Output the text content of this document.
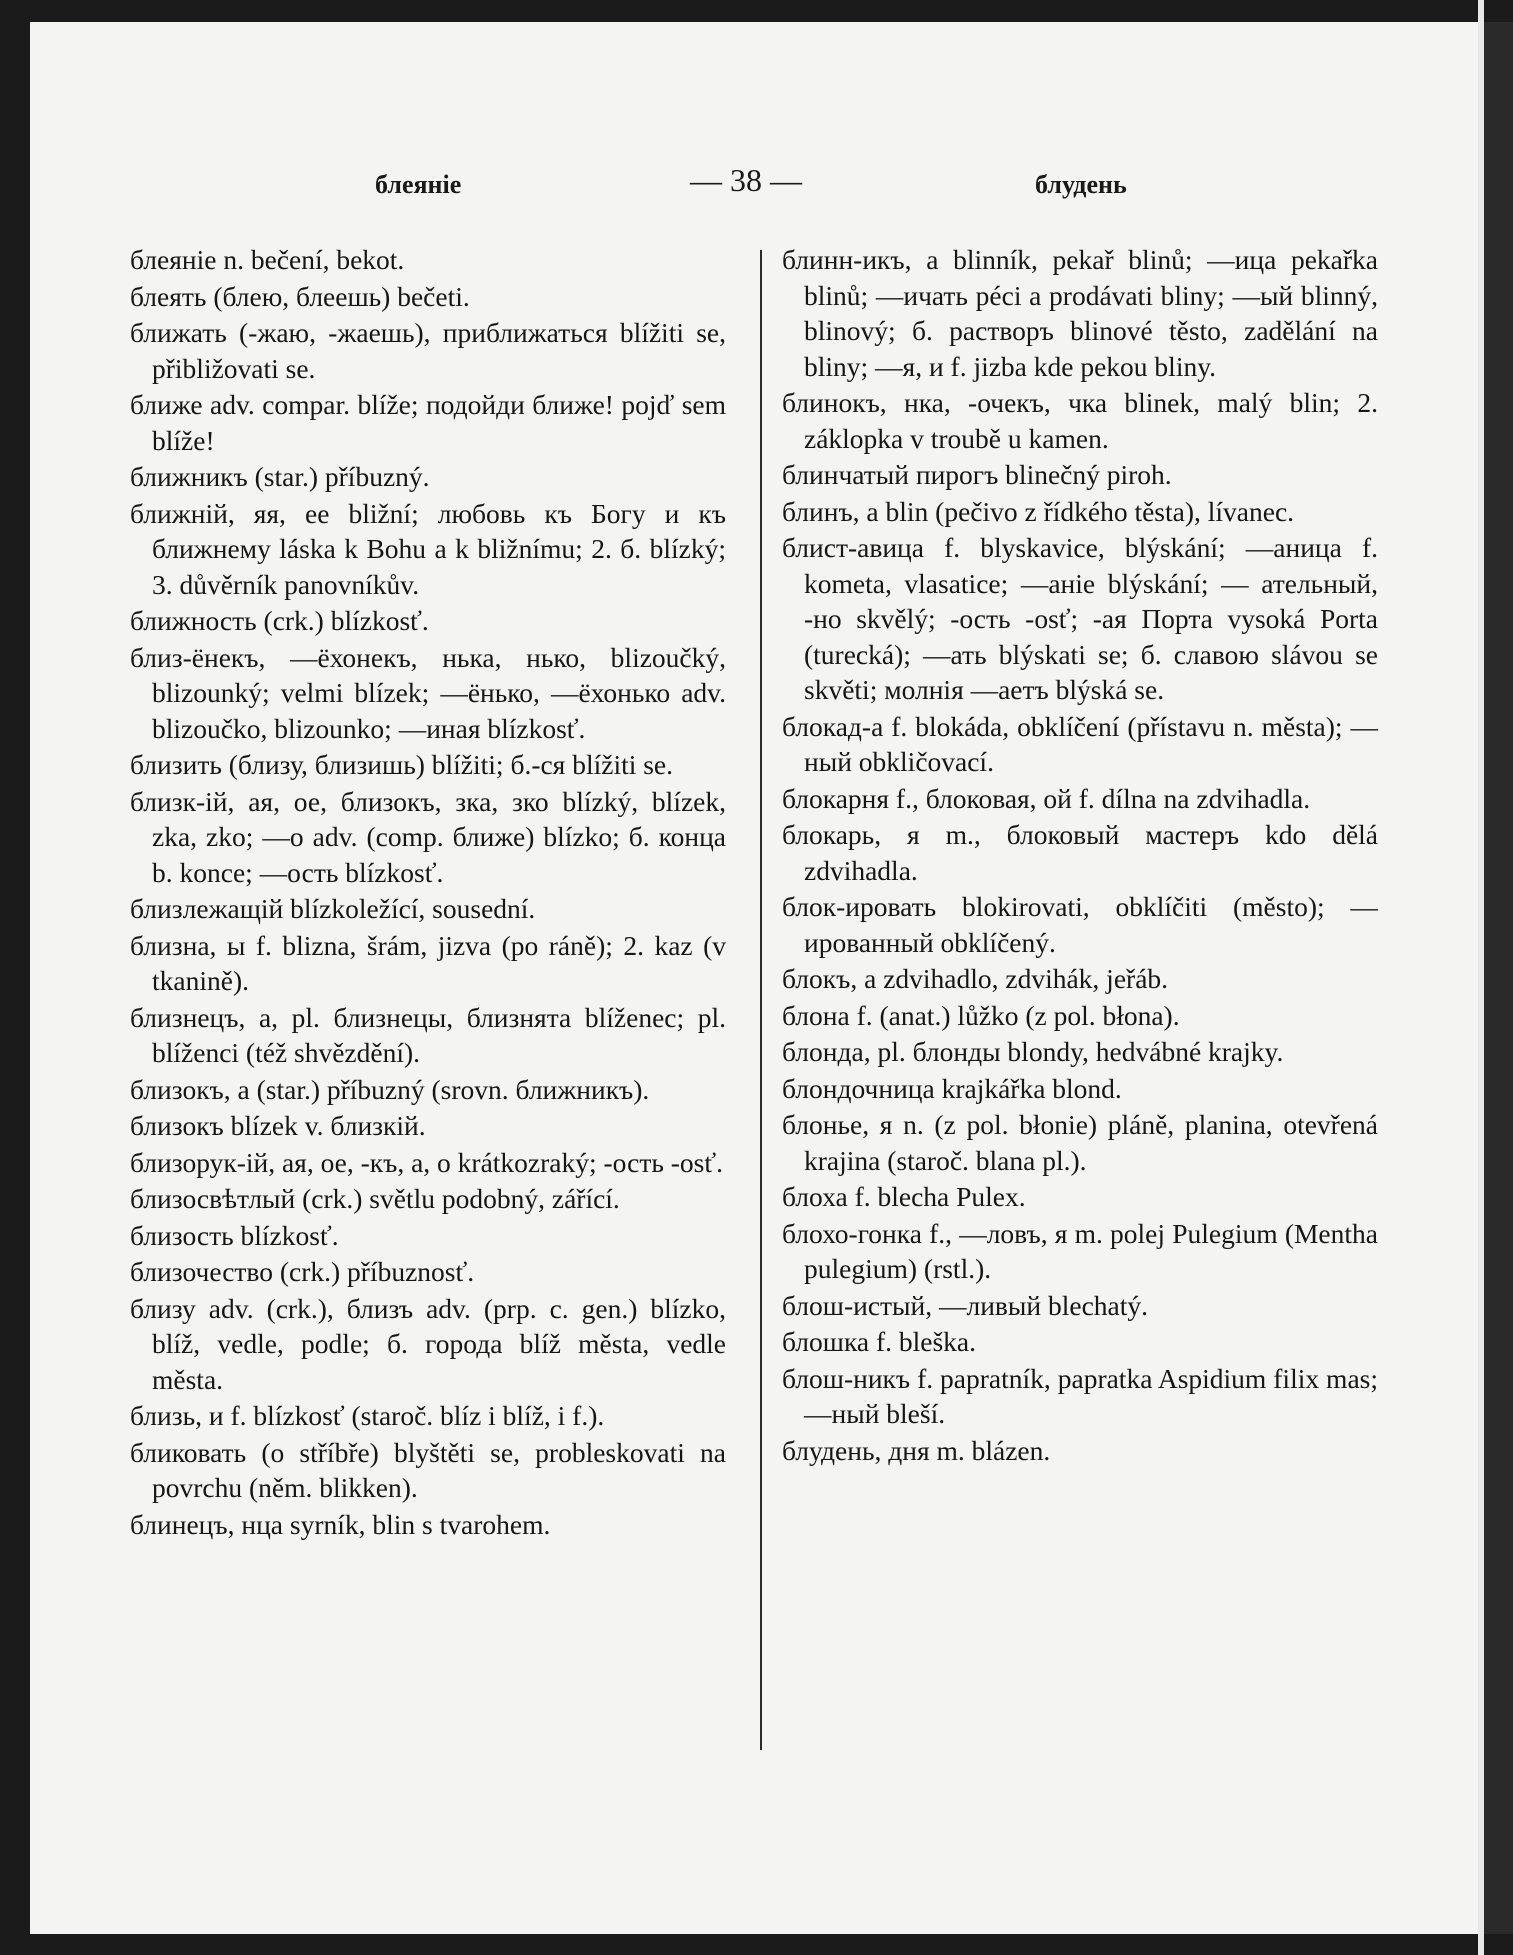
блеяніе	— 38 —	блудень

блеяніе n. bečení, bekot.

блеять (блею, блеешь) bečeti.

ближать (-жаю, -жаешь), приближаться blížiti se, přibližovati se.

ближе adv. compar. blíže; подойди ближе! pojď sem blíže!

ближникъ (star.) příbuzný.

ближній, яя, ее bližní; любовь къ Богу и къ ближнему láska k Bohu a k bližnímu; 2. б. blízký; 3. důvěrník panovníkův.

ближность (crk.) blízkosť.

близ-ёнекъ, —ёхонекъ, нька, нько, blizoučký, blizounký; velmi blízek; —ёнько, —ёхонько adv. blizoučko, blizounko; —иная blízkosť.

близить (близу, близишь) blížiti; б.-ся blížiti se.

близк-ій, ая, ое, близокъ, зка, зко blízký, blízek, zka, zko; —о adv. (comp. ближе) blízko; б. конца b. konce; —ость blízkosť.

близлежащій blízkoležící, sousední.

близна, ы f. blizna, šrám, jizva (po ráně); 2. kaz (v tkanině).

близнецъ, а, pl. близнецы, близнята blíženec; pl. blíženci (též shvězdění).

близокъ, а (star.) příbuzný (srovn. ближникъ).

близокъ blízek v. близкій.

близорук-ій, ая, ое, -къ, а, о krátkozraký; -ость -osť.

близосвѣтлый (crk.) světlu podobný, zářící.

близость blízkosť.

близочество (crk.) příbuznosť.

близу adv. (crk.), близъ adv. (prp. c. gen.) blízko, blíž, vedle, podle; б. города blíž města, vedle města.

близь, и f. blízkosť (staroč. blíz i blíž, i f.).

бликовать (o stříbře) blyštěti se, probleskovati na povrchu (něm. blikken).

блинецъ, нца syrník, blin s tvarohem.

блинн-икъ, a blinník, pekař blinů; —ица pekařka blinů; —ичать péci a prodávati bliny; —ый blinný, blinový; б. растворъ blinové těsto, zadělání na bliny; —я, и f. jizba kde pekou bliny.

блинокъ, нка, -очекъ, чка blinek, malý blin; 2. záklopka v troubě u kamen.

блинчатый пирогъ blinečný piroh.

блинъ, а blin (pečivo z řídkého těsta), lívanec.

блист-авица f. blyskavice, blýskání; —аница f. kometa, vlasatice; —аніе blýskání; — ательный, -но skvělý; -ость -osť; -ая Порта vysoká Porta (turecká); —ать blýskati se; б. славою slávou se skvěti; молнія —аетъ blýská se.

блокад-а f. blokáda, obklíčení (přístavu n. města); —ный obkličovací.

блокарня f., блоковая, ой f. dílna na zdvihadla.

блокарь, я m., блоковый мастеръ kdo dělá zdvihadla.

блок-ировать blokirovati, obklíčiti (město); —ированный obklíčený.

блокъ, а zdvihadlo, zdvihák, jeřáb.

блона f. (anat.) lůžko (z pol. błona).

блонда, pl. блонды blondy, hedvábné krajky.

блондочница krajkářka blond.

блонье, я n. (z pol. błonie) pláně, planina, otevřená krajina (staroč. blana pl.).

блоха f. blecha Pulex.

блохо-гонка f., —ловъ, я m. polej Pulegium (Mentha pulegium) (rstl.).

блош-истый, —ливый blechatý.

блошка f. bleška.

блош-никъ f. papratník, papratka Aspidium filix mas; —ный bleší.

блудень, дня m. blázen.
